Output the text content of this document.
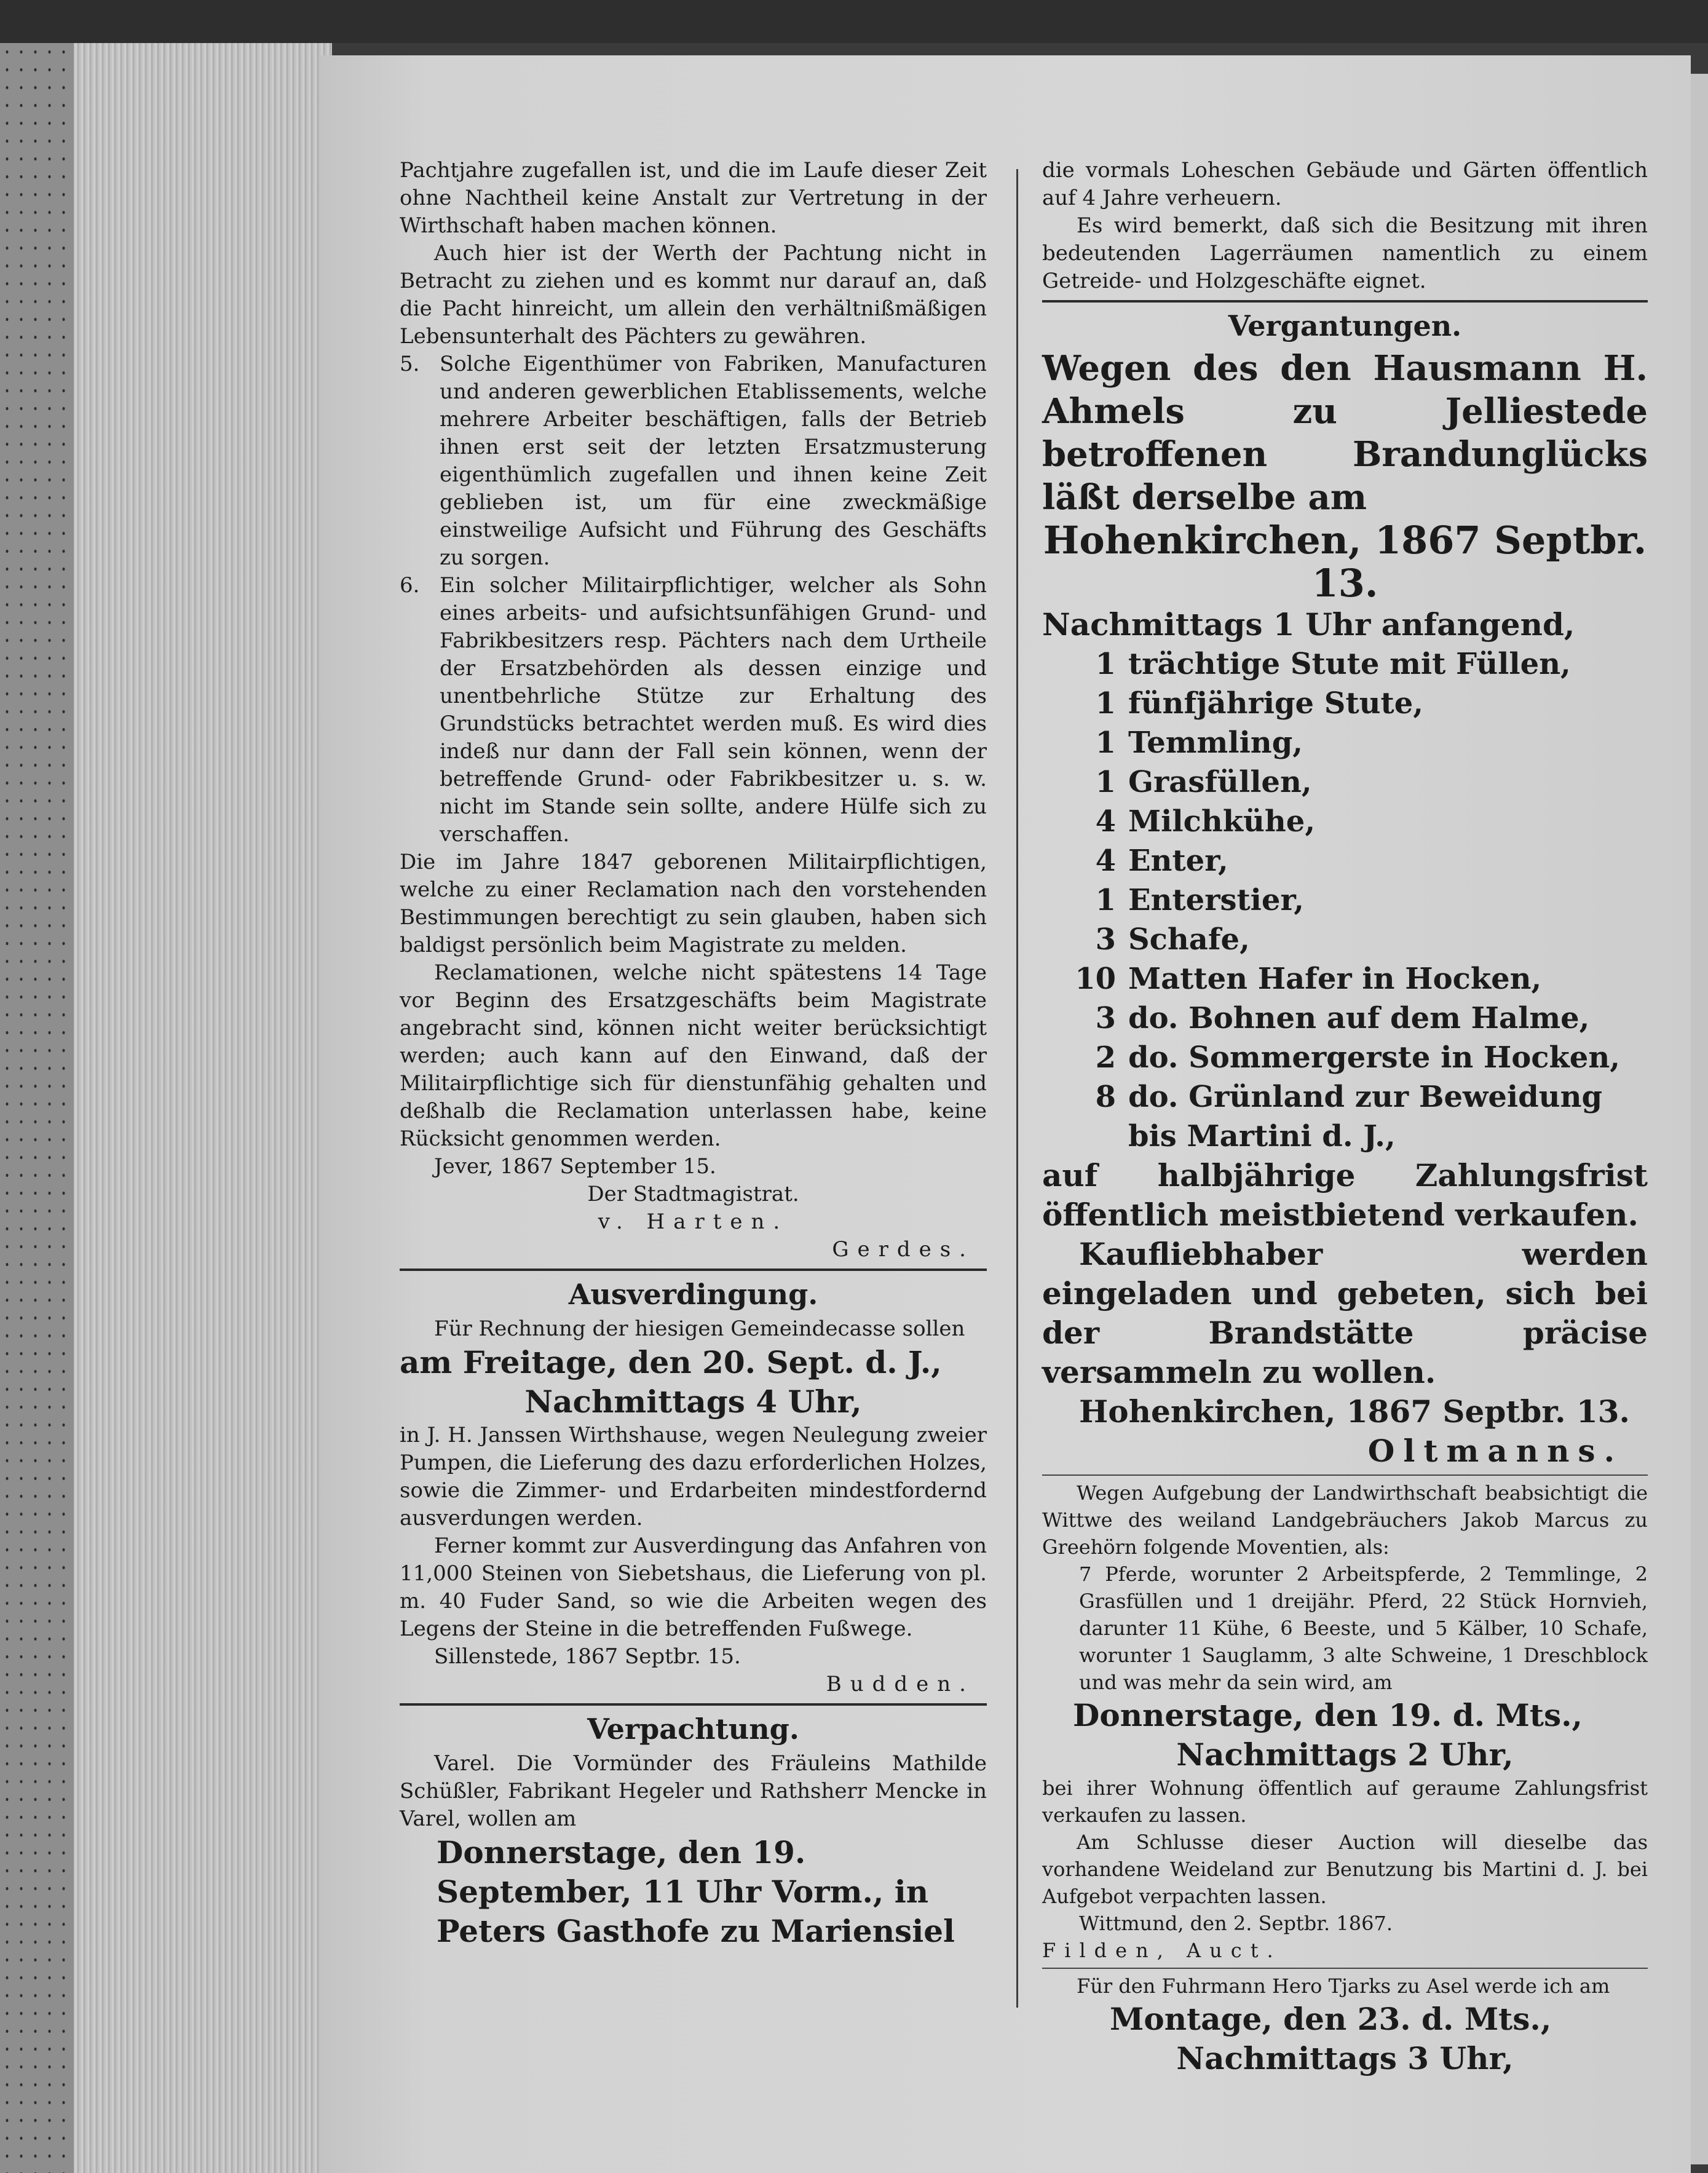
Pachtjahre zugefallen ist, und die im Laufe dieser Zeit ohne Nachtheil keine Anstalt zur Vertretung in der Wirthschaft haben machen können.

Auch hier ist der Werth der Pachtung nicht in Betracht zu ziehen und es kommt nur darauf an, daß die Pacht hinreicht, um allein den verhältnißmäßigen Lebensunterhalt des Pächters zu gewähren.

5. Solche Eigenthümer von Fabriken, Manufacturen und anderen gewerblichen Etablissements, welche mehrere Arbeiter beschäftigen, falls der Betrieb ihnen erst seit der letzten Ersatzmusterung eigenthümlich zugefallen und ihnen keine Zeit geblieben ist, um für eine zweckmäßige einstweilige Aufsicht und Führung des Geschäfts zu sorgen.
6. Ein solcher Militairpflichtiger, welcher als Sohn eines arbeits- und aufsichtsunfähigen Grund- und Fabrikbesitzers resp. Pächters nach dem Urtheile der Ersatzbehörden als dessen einzige und unentbehrliche Stütze zur Erhaltung des Grundstücks betrachtet werden muß. Es wird dies indeß nur dann der Fall sein können, wenn der betreffende Grund- oder Fabrikbesitzer u. s. w. nicht im Stande sein sollte, andere Hülfe sich zu verschaffen.

Die im Jahre 1847 geborenen Militairpflichtigen, welche zu einer Reclamation nach den vorstehenden Bestimmungen berechtigt zu sein glauben, haben sich baldigst persönlich beim Magistrate zu melden.

Reclamationen, welche nicht spätestens 14 Tage vor Beginn des Ersatzgeschäfts beim Magistrate angebracht sind, können nicht weiter berücksichtigt werden; auch kann auf den Einwand, daß der Militairpflichtige sich für dienstunfähig gehalten und deßhalb die Reclamation unterlassen habe, keine Rücksicht genommen werden.

Jever, 1867 September 15.

Der Stadtmagistrat.

v. Harten.

Gerdes.

Ausverdingung.

Für Rechnung der hiesigen Gemeindecasse sollen

am Freitage, den 20. Sept. d. J.,

Nachmittags 4 Uhr,

in J. H. Janssen Wirthshause, wegen Neulegung zweier Pumpen, die Lieferung des dazu erforderlichen Holzes, sowie die Zimmer- und Erdarbeiten mindestfordernd ausverdungen werden.

Ferner kommt zur Ausverdingung das Anfahren von 11,000 Steinen von Siebetshaus, die Lieferung von pl. m. 40 Fuder Sand, so wie die Arbeiten wegen des Legens der Steine in die betreffenden Fußwege.

Sillenstede, 1867 Septbr. 15.

Budden.

Verpachtung.

Varel. Die Vormünder des Fräuleins Mathilde Schüßler, Fabrikant Hegeler und Rathsherr Mencke in Varel, wollen am

Donnerstage, den 19. September, 11 Uhr Vorm., in Peters Gasthofe zu Mariensiel

die vormals Loheschen Gebäude und Gärten öffentlich auf 4 Jahre verheuern.

Es wird bemerkt, daß sich die Besitzung mit ihren bedeutenden Lagerräumen namentlich zu einem Getreide- und Holzgeschäfte eignet.

Vergantungen.

Wegen des den Hausmann H. Ahmels zu Jelliestede betroffenen Brandunglücks läßt derselbe am

Hohenkirchen, 1867 Septbr. 13.

Nachmittags 1 Uhr anfangend,

1 trächtige Stute mit Füllen,
1 fünfjährige Stute,
1 Temmling,
1 Grasfüllen,
4 Milchkühe,
4 Enter,
1 Enterstier,
3 Schafe,
10 Matten Hafer in Hocken,
3 do. Bohnen auf dem Halme,
2 do. Sommergerste in Hocken,
8 do. Grünland zur Beweidung bis Martini d. J.,

auf halbjährige Zahlungsfrist öffentlich meistbietend verkaufen.

Kaufliebhaber werden eingeladen und gebeten, sich bei der Brandstätte präcise versammeln zu wollen.

Hohenkirchen, 1867 Septbr. 13.

Oltmanns.

Wegen Aufgebung der Landwirthschaft beabsichtigt die Wittwe des weiland Landgebräuchers Jakob Marcus zu Greehörn folgende Moventien, als:

7 Pferde, worunter 2 Arbeitspferde, 2 Temmlinge, 2 Grasfüllen und 1 dreijähr. Pferd, 22 Stück Hornvieh, darunter 11 Kühe, 6 Beeste, und 5 Kälber, 10 Schafe, worunter 1 Sauglamm, 3 alte Schweine, 1 Dreschblock und was mehr da sein wird, am

Donnerstage, den 19. d. Mts.,

Nachmittags 2 Uhr,

bei ihrer Wohnung öffentlich auf geraume Zahlungsfrist verkaufen zu lassen.

Am Schlusse dieser Auction will dieselbe das vorhandene Weideland zur Benutzung bis Martini d. J. bei Aufgebot verpachten lassen.

Wittmund, den 2. Septbr. 1867.

Filden, Auct.

Für den Fuhrmann Hero Tjarks zu Asel werde ich am

Montage, den 23. d. Mts.,

Nachmittags 3 Uhr,
